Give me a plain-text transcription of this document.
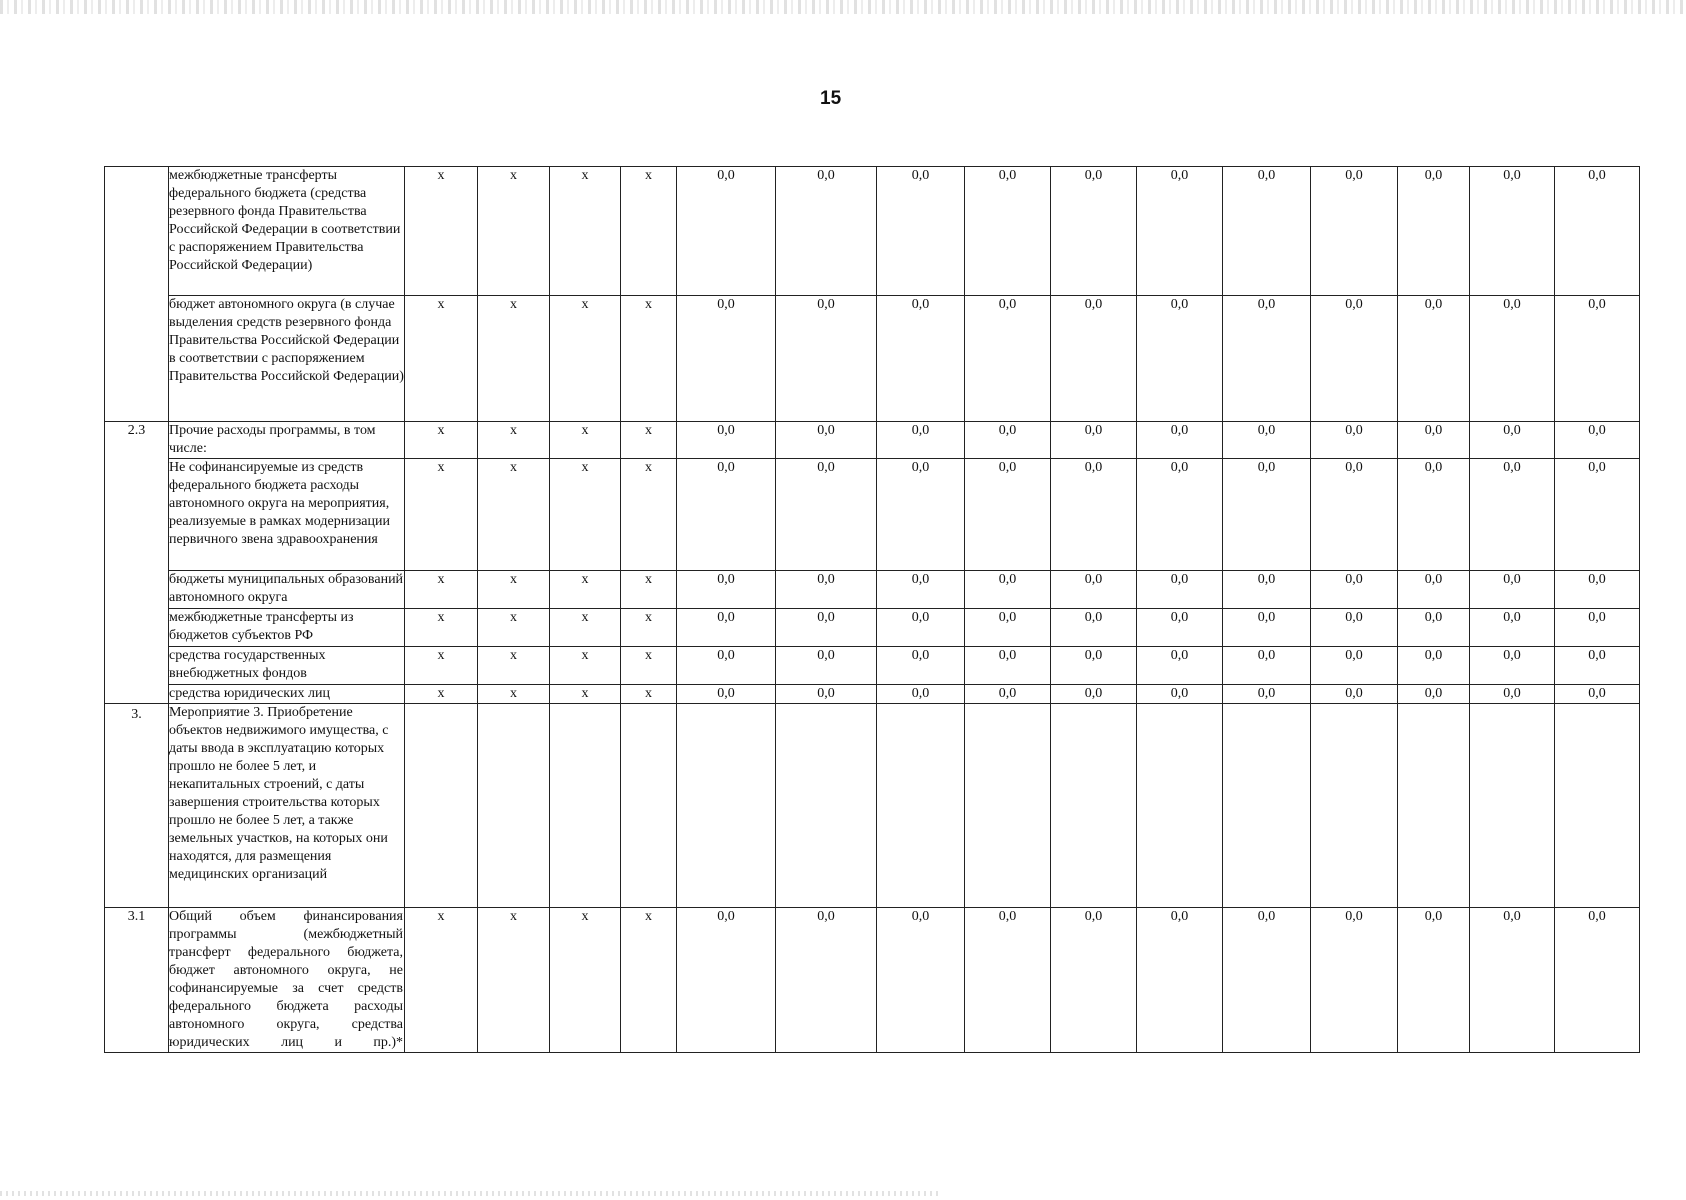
15
	межбюджетные трансферты федерального бюджета (средства резервного фонда Правительства Российской Федерации в соответствии с распоряжением Правительства Российской Федерации)	x	x	x	x	0,0	0,0	0,0	0,0	0,0	0,0	0,0	0,0	0,0	0,0	0,0
	бюджет автономного округа (в случае выделения средств резервного фонда Правительства Российской Федерации в соответствии с распоряжением Правительства Российской Федерации)	x	x	x	x	0,0	0,0	0,0	0,0	0,0	0,0	0,0	0,0	0,0	0,0	0,0
2.3	Прочие расходы программы, в том числе:	x	x	x	x	0,0	0,0	0,0	0,0	0,0	0,0	0,0	0,0	0,0	0,0	0,0
	Не софинансируемые из средств федерального бюджета расходы автономного округа на мероприятия, реализуемые в рамках модернизации первичного звена здравоохранения	x	x	x	x	0,0	0,0	0,0	0,0	0,0	0,0	0,0	0,0	0,0	0,0	0,0
	бюджеты муниципальных образований автономного округа	x	x	x	x	0,0	0,0	0,0	0,0	0,0	0,0	0,0	0,0	0,0	0,0	0,0
	межбюджетные трансферты из бюджетов субъектов РФ	x	x	x	x	0,0	0,0	0,0	0,0	0,0	0,0	0,0	0,0	0,0	0,0	0,0
	средства государственных внебюджетных фондов	x	x	x	x	0,0	0,0	0,0	0,0	0,0	0,0	0,0	0,0	0,0	0,0	0,0
	средства юридических лиц	x	x	x	x	0,0	0,0	0,0	0,0	0,0	0,0	0,0	0,0	0,0	0,0	0,0
3.	Мероприятие 3. Приобретение объектов недвижимого имущества, с даты ввода в эксплуатацию которых прошло не более 5 лет, и некапитальных строений, с даты завершения строительства которых прошло не более 5 лет, а также земельных участков, на которых они находятся, для размещения медицинских организаций															
3.1	Общий объем финансирования программы (межбюджетный трансферт федерального бюджета, бюджет автономного округа, не софинансируемые за счет средств федерального бюджета расходы автономного округа, средства юридических лиц и пр.)*	x	x	x	x	0,0	0,0	0,0	0,0	0,0	0,0	0,0	0,0	0,0	0,0	0,0
